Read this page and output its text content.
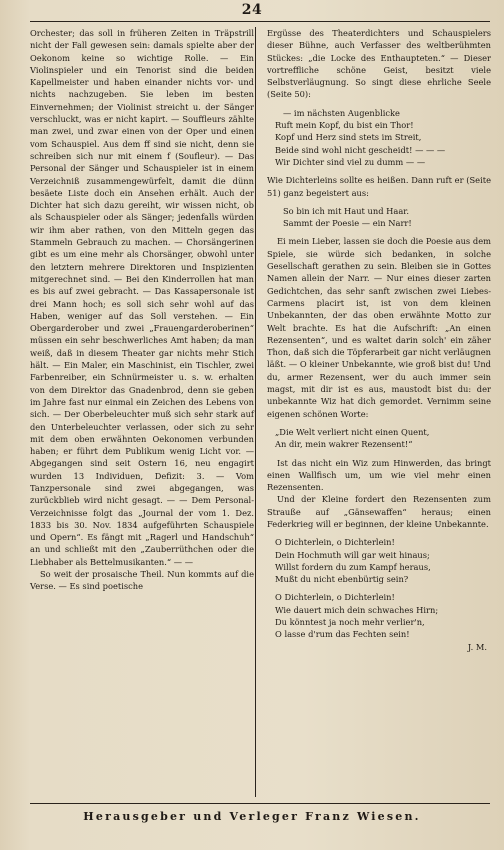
24

Orchester; das soll in früheren Zeiten in Träpstrill nicht der Fall gewesen sein: damals spielte aber der Oekonom keine so wichtige Rolle. — Ein Violinspieler und ein Tenorist sind die beiden Kapellmeister und haben einander nichts vor- und nichts nachzugeben. Sie leben im besten Einvernehmen; der Violinist streicht u. der Sänger verschluckt, was er nicht kapirt. — Souffleurs zählte man zwei, und zwar einen von der Oper und einen vom Schauspiel. Aus dem ff sind sie nicht, denn sie schreiben sich nur mit einem f (Soufleur). — Das Personal der Sänger und Schauspieler ist in einem Verzeichniß zusammengewürfelt, damit die dünn besäete Liste doch ein Ansehen erhält. Auch der Dichter hat sich dazu gereiht, wir wissen nicht, ob als Schauspieler oder als Sänger; jedenfalls würden wir ihm aber rathen, von den Mitteln gegen das Stammeln Gebrauch zu machen. — Chorsängerinen gibt es um eine mehr als Chorsänger, obwohl unter den letztern mehrere Direktoren und Inspizienten mitgerechnet sind. — Bei den Kinderrollen hat man es bis auf zwei gebracht. — Das Kassapersonale ist drei Mann hoch; es soll sich sehr wohl auf das Haben, weniger auf das Soll verstehen. — Ein Obergarderober und zwei „Frauengarderoberinen“ müssen ein sehr beschwerliches Amt haben; da man weiß, daß in diesem Theater gar nichts mehr Stich hält. — Ein Maler, ein Maschinist, ein Tischler, zwei Farbenreiber, ein Schnürmeister u. s. w. erhalten von dem Direktor das Gnadenbrod, denn sie geben im Jahre fast nur einmal ein Zeichen des Lebens von sich. — Der Oberbeleuchter muß sich sehr stark auf den Unterbeleuchter verlassen, oder sich zu sehr mit dem oben erwähnten Oekonomen verbunden haben; er führt dem Publikum wenig Licht vor. — Abgegangen sind seit Ostern 16, neu engagirt wurden 13 Individuen, Defizit: 3. — Vom Tanzpersonale sind zwei abgegangen, was zurückblieb wird nicht gesagt. — — Dem Personal-Verzeichnisse folgt das „Journal der vom 1. Dez. 1833 bis 30. Nov. 1834 aufgeführten Schauspiele und Opern“. Es fängt mit „Ragerl und Handschuh“ an und schließt mit den „Zauberrüthchen oder die Liebhaber als Bettelmusikanten.“ — —

So weit der prosaische Theil. Nun kommts auf die Verse. — Es sind poetische

Ergüsse des Theaterdichters und Schauspielers dieser Bühne, auch Verfasser des weltberühmten Stückes: „die Locke des Enthaupteten.“ — Dieser vortreffliche schöne Geist, besitzt viele Selbstverläugnung. So singt diese ehrliche Seele (Seite 50):

— im nächsten Augenblicke

Ruft mein Kopf, du bist ein Thor!

Kopf und Herz sind stets im Streit,

Beide sind wohl nicht gescheidt! — — —

Wir Dichter sind viel zu dumm — —

Wie Dichterleins sollte es heißen. Dann ruft er (Seite 51) ganz begeistert aus:

So bin ich mit Haut und Haar.

Sammt der Poesie — ein Narr!

Ei mein Lieber, lassen sie doch die Poesie aus dem Spiele, sie würde sich bedanken, in solche Gesellschaft gerathen zu sein. Bleiben sie in Gottes Namen allein der Narr. — Nur eines dieser zarten Gedichtchen, das sehr sanft zwischen zwei Liebes-Carmens placirt ist, ist von dem kleinen Unbekannten, der das oben erwähnte Motto zur Welt brachte. Es hat die Aufschrift: „An einen Rezensenten“, und es waltet darin solch' ein zäher Thon, daß sich die Töpferarbeit gar nicht verläugnen läßt. — O kleiner Unbekannte, wie groß bist du! Und du, armer Rezensent, wer du auch immer sein magst, mit dir ist es aus, maustodt bist du: der unbekannte Wiz hat dich gemordet. Vernimm seine eigenen schönen Worte:

„Die Welt verliert nicht einen Quent,

An dir, mein wakrer Rezensent!“

Ist das nicht ein Wiz zum Hinwerden, das bringt einen Wallfisch um, um wie viel mehr einen Rezensenten.

Und der Kleine fordert den Rezensenten zum Strauße auf „Gänsewaffen“ heraus; einen Federkrieg will er beginnen, der kleine Unbekannte.

O Dichterlein, o Dichterlein!

Dein Hochmuth will gar weit hinaus;

Willst fordern du zum Kampf heraus,

Mußt du nicht ebenbürtig sein?

O Dichterlein, o Dichterlein!

Wie dauert mich dein schwaches Hirn;

Du könntest ja noch mehr verlier'n,

O lasse d'rum das Fechten sein!

J. M.

Herausgeber und Verleger Franz Wiesen.
